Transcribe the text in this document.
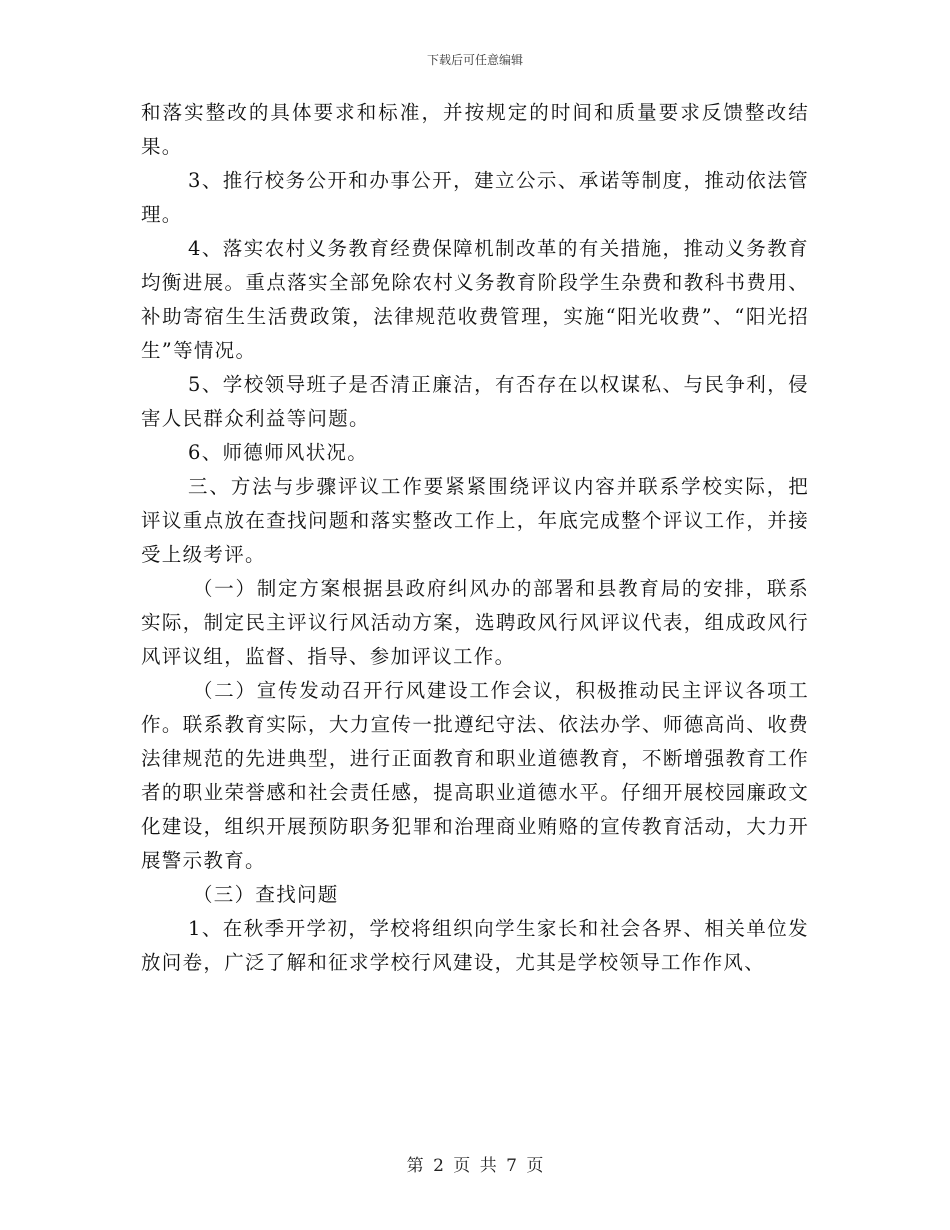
下载后可任意编辑

和落实整改的具体要求和标准，并按规定的时间和质量要求反馈整改结果。

3、推行校务公开和办事公开，建立公示、承诺等制度，推动依法管理。

4、落实农村义务教育经费保障机制改革的有关措施，推动义务教育均衡进展。重点落实全部免除农村义务教育阶段学生杂费和教科书费用、补助寄宿生生活费政策，法律规范收费管理，实施“阳光收费”、“阳光招生”等情况。

5、学校领导班子是否清正廉洁，有否存在以权谋私、与民争利，侵害人民群众利益等问题。

6、师德师风状况。

三、方法与步骤评议工作要紧紧围绕评议内容并联系学校实际，把评议重点放在查找问题和落实整改工作上，年底完成整个评议工作，并接受上级考评。

（一）制定方案根据县政府纠风办的部署和县教育局的安排，联系实际，制定民主评议行风活动方案，选聘政风行风评议代表，组成政风行风评议组，监督、指导、参加评议工作。

（二）宣传发动召开行风建设工作会议，积极推动民主评议各项工作。联系教育实际，大力宣传一批遵纪守法、依法办学、师德高尚、收费法律规范的先进典型，进行正面教育和职业道德教育，不断增强教育工作者的职业荣誉感和社会责任感，提高职业道德水平。仔细开展校园廉政文化建设，组织开展预防职务犯罪和治理商业贿赂的宣传教育活动，大力开展警示教育。

（三）查找问题

1、在秋季开学初，学校将组织向学生家长和社会各界、相关单位发放问卷，广泛了解和征求学校行风建设，尤其是学校领导工作作风、

第 2 页 共 7 页
